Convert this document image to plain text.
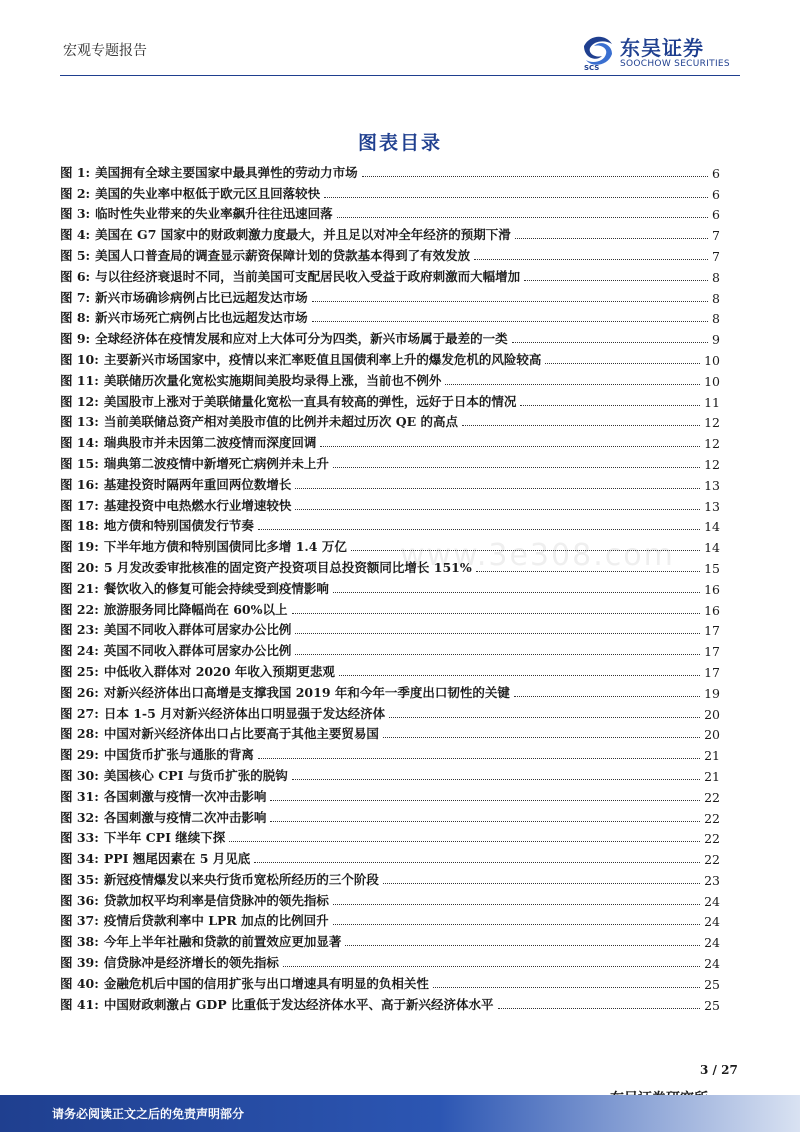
宏观专题报告
SCS
东吴证券
SOOCHOW SECURITIES
图表目录
图 1: 美国拥有全球主要国家中最具弹性的劳动力市场	6
图 2: 美国的失业率中枢低于欧元区且回落较快	6
图 3: 临时性失业带来的失业率飙升往往迅速回落	6
图 4: 美国在 G7 国家中的财政刺激力度最大，并且足以对冲全年经济的预期下滑	7
图 5: 美国人口普查局的调查显示薪资保障计划的贷款基本得到了有效发放	7
图 6: 与以往经济衰退时不同，当前美国可支配居民收入受益于政府刺激而大幅增加	8
图 7: 新兴市场确诊病例占比已远超发达市场	8
图 8: 新兴市场死亡病例占比也远超发达市场	8
图 9: 全球经济体在疫情发展和应对上大体可分为四类，新兴市场属于最差的一类	9
图 10: 主要新兴市场国家中，疫情以来汇率贬值且国债利率上升的爆发危机的风险较高	10
图 11: 美联储历次量化宽松实施期间美股均录得上涨，当前也不例外	10
图 12: 美国股市上涨对于美联储量化宽松一直具有较高的弹性，远好于日本的情况	11
图 13: 当前美联储总资产相对美股市值的比例并未超过历次 QE 的高点	12
图 14: 瑞典股市并未因第二波疫情而深度回调	12
图 15: 瑞典第二波疫情中新增死亡病例并未上升	12
图 16: 基建投资时隔两年重回两位数增长	13
图 17: 基建投资中电热燃水行业增速较快	13
图 18: 地方债和特别国债发行节奏	14
图 19: 下半年地方债和特别国债同比多增 1.4 万亿	14
图 20: 5 月发改委审批核准的固定资产投资项目总投资额同比增长 151%	15
图 21: 餐饮收入的修复可能会持续受到疫情影响	16
图 22: 旅游服务同比降幅尚在 60%以上	16
图 23: 美国不同收入群体可居家办公比例	17
图 24: 英国不同收入群体可居家办公比例	17
图 25: 中低收入群体对 2020 年收入预期更悲观	17
图 26: 对新兴经济体出口高增是支撑我国 2019 年和今年一季度出口韧性的关键	19
图 27: 日本 1-5 月对新兴经济体出口明显强于发达经济体	20
图 28: 中国对新兴经济体出口占比要高于其他主要贸易国	20
图 29: 中国货币扩张与通胀的背离	21
图 30: 美国核心 CPI 与货币扩张的脱钩	21
图 31: 各国刺激与疫情一次冲击影响	22
图 32: 各国刺激与疫情二次冲击影响	22
图 33: 下半年 CPI 继续下探	22
图 34: PPI 翘尾因素在 5 月见底	22
图 35: 新冠疫情爆发以来央行货币宽松所经历的三个阶段	23
图 36: 贷款加权平均利率是信贷脉冲的领先指标	24
图 37: 疫情后贷款利率中 LPR 加点的比例回升	24
图 38: 今年上半年社融和贷款的前置效应更加显著	24
图 39: 信贷脉冲是经济增长的领先指标	24
图 40: 金融危机后中国的信用扩张与出口增速具有明显的负相关性	25
图 41: 中国财政刺激占 GDP 比重低于发达经济体水平、高于新兴经济体水平	25
www.3e308.com
3 / 27
请务必阅读正文之后的免责声明部分
